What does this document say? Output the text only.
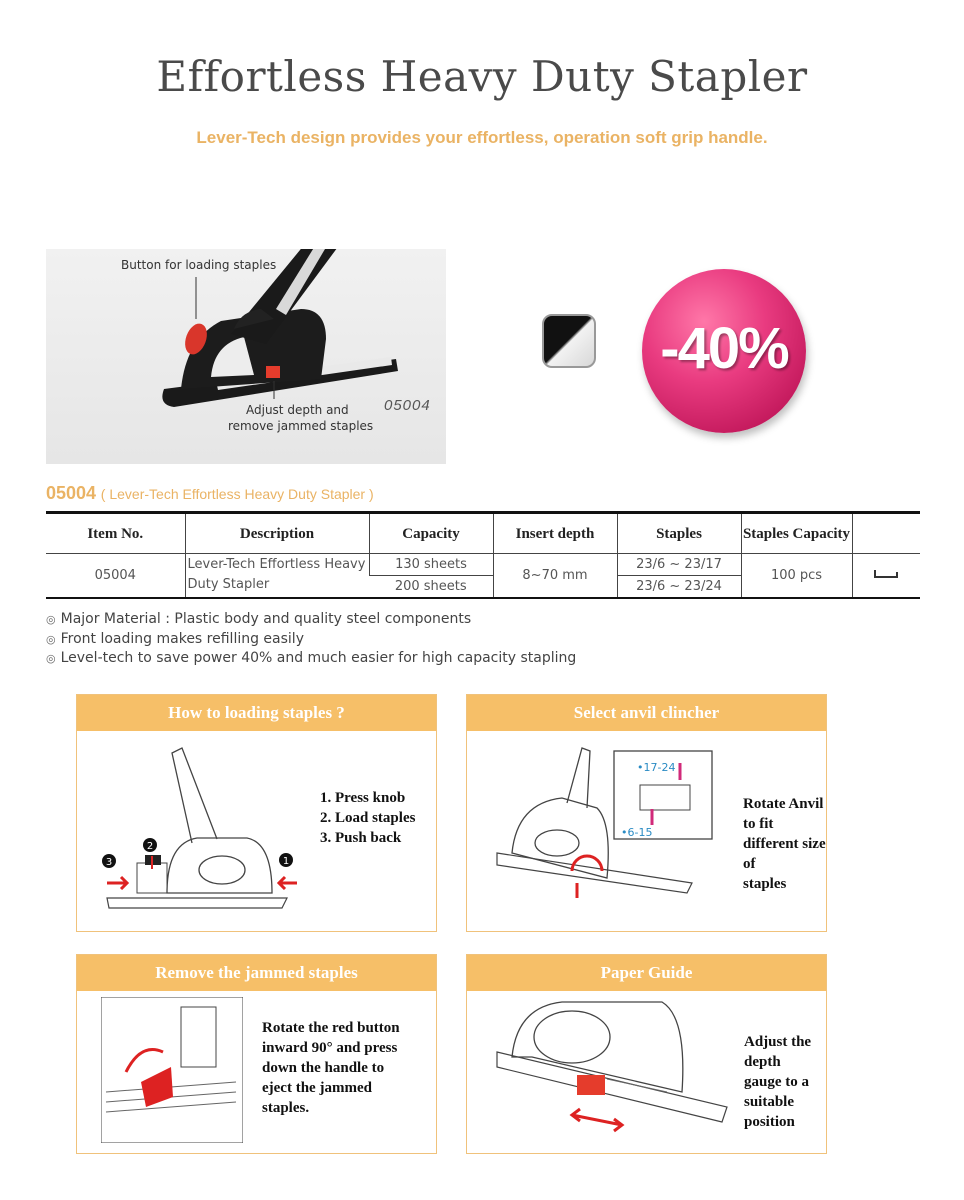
Effortless Heavy Duty Stapler
Lever-Tech design provides your effortless, operation soft grip handle.
Button for loading staples
Adjust depth and
remove jammed staples
05004
-40%
05004 ( Lever-Tech Effortless Heavy Duty Stapler )
Item No.	Description	Capacity	Insert depth	Staples	Staples Capacity	
05004	Lever-Tech Effortless Heavy Duty Stapler	130 sheets	8~70 mm	23/6 ~ 23/17	100 pcs	
		200 sheets		23/6 ~ 23/24		
◎ Major Material : Plastic body and quality steel components
◎ Front loading makes refilling easily
◎ Level-tech to save power 40% and much easier for high capacity stapling
How to loading staples ?
3
2
1
1. Press knob
2. Load staples
3. Push back
Select anvil clincher
•17-24
•6-15
Rotate Anvil to fit
different size of
staples
Remove the jammed staples
Rotate the red button
inward 90° and press
down the handle to
eject the jammed
staples.
Paper Guide
Adjust the depth
gauge to a suitable
position
